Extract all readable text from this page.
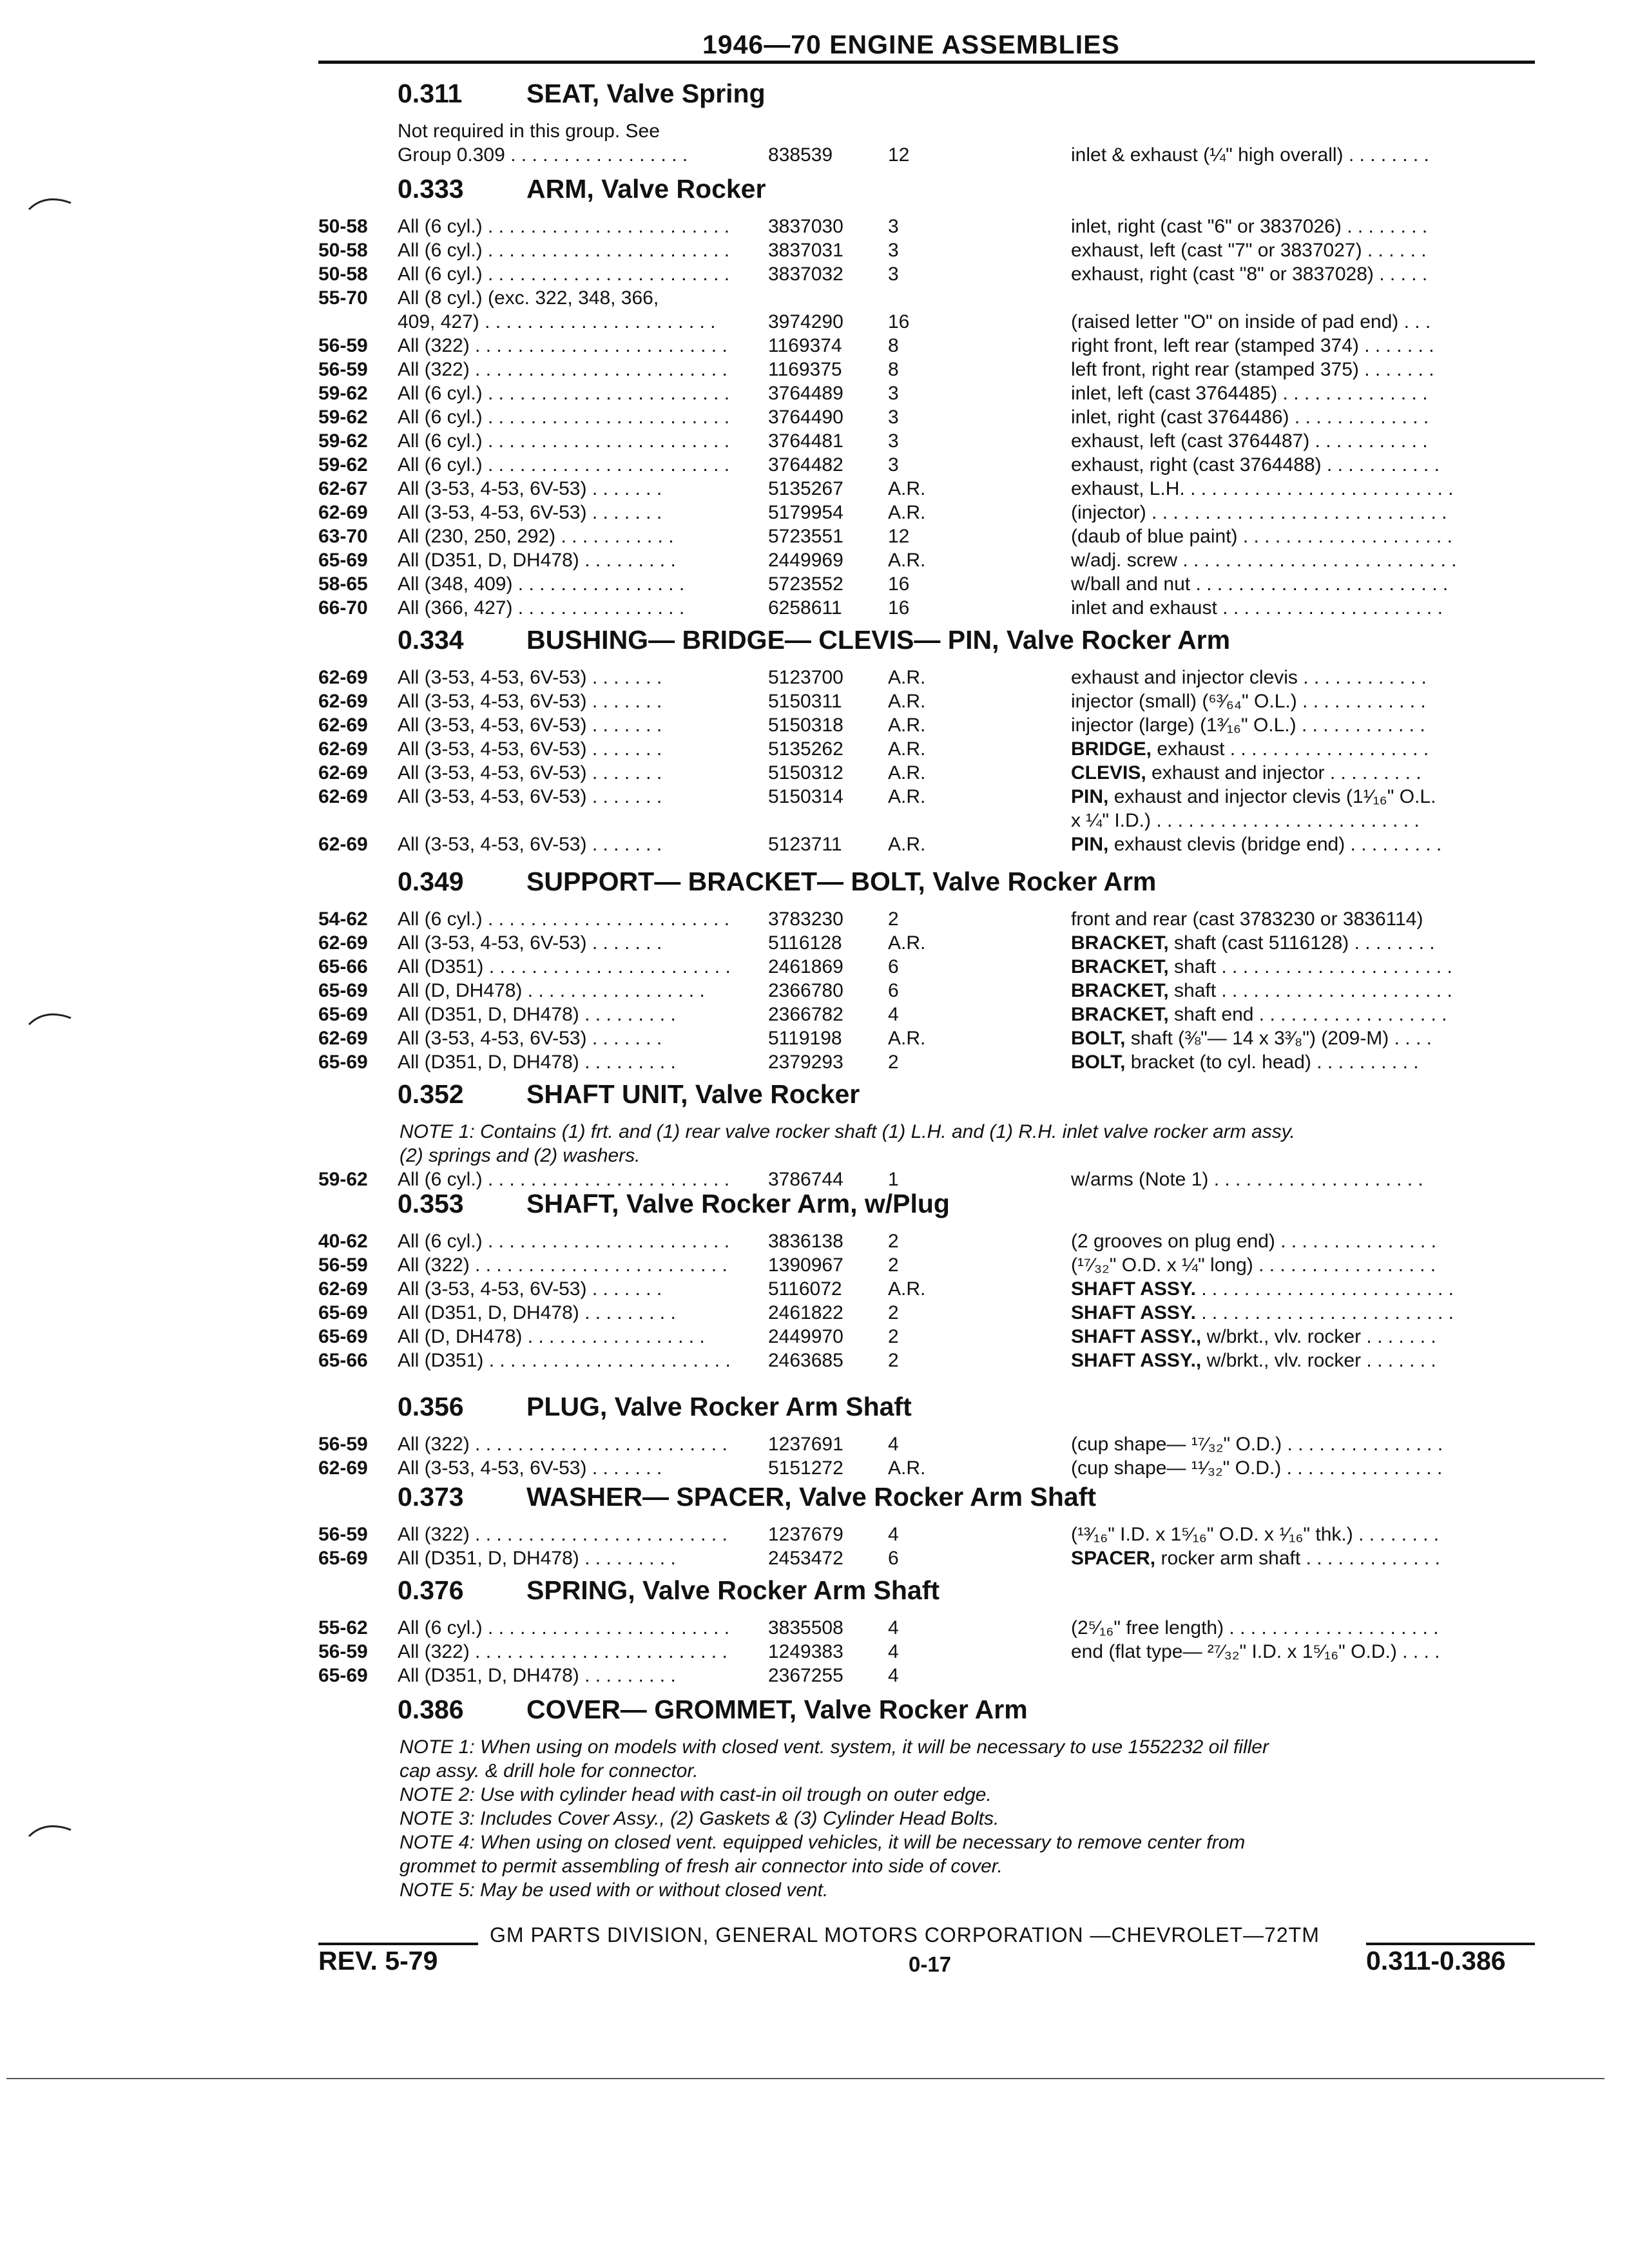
1946—70 ENGINE ASSEMBLIES
0.311 SEAT, Valve Spring
Not required in this group. See
Group 0.309 . . . . . . . . . . . . . . . . .	838539	12	inlet & exhaust (¼" high overall) . . . . . . . .
0.333 ARM, Valve Rocker
50-58 All (6 cyl.) . . . . . . . . . . . . . . . . . . . . . . .	3837030 3	inlet, right (cast "6" or 3837026) . . . . . . . .
50-58 All (6 cyl.) . . . . . . . . . . . . . . . . . . . . . . .	3837031 3	exhaust, left (cast "7" or 3837027) . . . . . .
50-58 All (6 cyl.) . . . . . . . . . . . . . . . . . . . . . . .	3837032 3	exhaust, right (cast "8" or 3837028) . . . . .
55-70 All (8 cyl.) (exc. 322, 348, 366,
409, 427) . . . . . . . . . . . . . . . . . . . . . .	3974290 16	(raised letter "O" on inside of pad end) . . .
56-59 All (322) . . . . . . . . . . . . . . . . . . . . . . . .	1169374 8	right front, left rear (stamped 374) . . . . . . .
56-59 All (322) . . . . . . . . . . . . . . . . . . . . . . . .	1169375 8	left front, right rear (stamped 375) . . . . . . .
59-62 All (6 cyl.) . . . . . . . . . . . . . . . . . . . . . . .	3764489 3	inlet, left (cast 3764485) . . . . . . . . . . . . . .
59-62 All (6 cyl.) . . . . . . . . . . . . . . . . . . . . . . .	3764490 3	inlet, right (cast 3764486) . . . . . . . . . . . . .
59-62 All (6 cyl.) . . . . . . . . . . . . . . . . . . . . . . .	3764481 3	exhaust, left (cast 3764487) . . . . . . . . . . .
59-62 All (6 cyl.) . . . . . . . . . . . . . . . . . . . . . . .	3764482 3	exhaust, right (cast 3764488) . . . . . . . . . . .
62-67 All (3-53, 4-53, 6V-53) . . . . . . .	5135267 A.R.	exhaust, L.H. . . . . . . . . . . . . . . . . . . . . . . . . .
62-69 All (3-53, 4-53, 6V-53) . . . . . . .	5179954 A.R.	(injector) . . . . . . . . . . . . . . . . . . . . . . . . . . . .
63-70 All (230, 250, 292) . . . . . . . . . . .	5723551 12	(daub of blue paint) . . . . . . . . . . . . . . . . . . . .
65-69 All (D351, D, DH478) . . . . . . . . .	2449969 A.R.	w/adj. screw . . . . . . . . . . . . . . . . . . . . . . . . . .
58-65 All (348, 409) . . . . . . . . . . . . . . . .	5723552 16	w/ball and nut . . . . . . . . . . . . . . . . . . . . . . . .
66-70 All (366, 427) . . . . . . . . . . . . . . . .	6258611 16	inlet and exhaust . . . . . . . . . . . . . . . . . . . . .
0.334 BUSHING— BRIDGE— CLEVIS— PIN, Valve Rocker Arm
62-69 All (3-53, 4-53, 6V-53) . . . . . . .	5123700 A.R.	exhaust and injector clevis . . . . . . . . . . . .
62-69 All (3-53, 4-53, 6V-53) . . . . . . .	5150311 A.R.	injector (small) (⁶³⁄₆₄" O.L.) . . . . . . . . . . . .
62-69 All (3-53, 4-53, 6V-53) . . . . . . .	5150318 A.R.	injector (large) (1³⁄₁₆" O.L.) . . . . . . . . . . . .
62-69 All (3-53, 4-53, 6V-53) . . . . . . .	5135262 A.R.	BRIDGE, exhaust . . . . . . . . . . . . . . . . . . .
62-69 All (3-53, 4-53, 6V-53) . . . . . . .	5150312 A.R.	CLEVIS, exhaust and injector . . . . . . . . .
62-69 All (3-53, 4-53, 6V-53) . . . . . . .	5150314 A.R.	PIN, exhaust and injector clevis (1¹⁄₁₆" O.L.
x ¼" I.D.) . . . . . . . . . . . . . . . . . . . . . . . . .
62-69 All (3-53, 4-53, 6V-53) . . . . . . .	5123711 A.R.	PIN, exhaust clevis (bridge end) . . . . . . . . .
0.349 SUPPORT— BRACKET— BOLT, Valve Rocker Arm
54-62 All (6 cyl.) . . . . . . . . . . . . . . . . . . . . . . .	3783230 2	front and rear (cast 3783230 or 3836114)
62-69 All (3-53, 4-53, 6V-53) . . . . . . .	5116128 A.R.	BRACKET, shaft (cast 5116128) . . . . . . . .
65-66 All (D351) . . . . . . . . . . . . . . . . . . . . . . .	2461869 6	BRACKET, shaft . . . . . . . . . . . . . . . . . . . . . .
65-69 All (D, DH478) . . . . . . . . . . . . . . . . .	2366780 6	BRACKET, shaft . . . . . . . . . . . . . . . . . . . . . .
65-69 All (D351, D, DH478) . . . . . . . . .	2366782 4	BRACKET, shaft end . . . . . . . . . . . . . . . . . .
62-69 All (3-53, 4-53, 6V-53) . . . . . . .	5119198 A.R.	BOLT, shaft (⅜"— 14 x 3³⁄₈") (209-M) . . . .
65-69 All (D351, D, DH478) . . . . . . . . .	2379293 2	BOLT, bracket (to cyl. head) . . . . . . . . . .
0.352 SHAFT UNIT, Valve Rocker
NOTE 1: Contains (1) frt. and (1) rear valve rocker shaft (1) L.H. and (1) R.H. inlet valve rocker arm assy.
(2) springs and (2) washers.
59-62 All (6 cyl.) . . . . . . . . . . . . . . . . . . . . . . .	3786744 1	w/arms (Note 1) . . . . . . . . . . . . . . . . . . . .
0.353 SHAFT, Valve Rocker Arm, w/Plug
40-62 All (6 cyl.) . . . . . . . . . . . . . . . . . . . . . . .	3836138 2	(2 grooves on plug end) . . . . . . . . . . . . . . .
56-59 All (322) . . . . . . . . . . . . . . . . . . . . . . . .	1390967 2	(¹⁷⁄₃₂" O.D. x ¼" long) . . . . . . . . . . . . . . . . .
62-69 All (3-53, 4-53, 6V-53) . . . . . . .	5116072 A.R.	SHAFT ASSY. . . . . . . . . . . . . . . . . . . . . . . . .
65-69 All (D351, D, DH478) . . . . . . . . .	2461822 2	SHAFT ASSY. . . . . . . . . . . . . . . . . . . . . . . . .
65-69 All (D, DH478) . . . . . . . . . . . . . . . . .	2449970 2	SHAFT ASSY., w/brkt., vlv. rocker . . . . . . .
65-66 All (D351) . . . . . . . . . . . . . . . . . . . . . . .	2463685 2	SHAFT ASSY., w/brkt., vlv. rocker . . . . . . .
0.356 PLUG, Valve Rocker Arm Shaft
56-59 All (322) . . . . . . . . . . . . . . . . . . . . . . . .	1237691 4	(cup shape— ¹⁷⁄₃₂" O.D.) . . . . . . . . . . . . . . .
62-69 All (3-53, 4-53, 6V-53) . . . . . . .	5151272 A.R.	(cup shape— ¹¹⁄₃₂" O.D.) . . . . . . . . . . . . . . .
0.373 WASHER— SPACER, Valve Rocker Arm Shaft
56-59 All (322) . . . . . . . . . . . . . . . . . . . . . . . .	1237679 4	(¹³⁄₁₆" I.D. x 1⁵⁄₁₆" O.D. x ¹⁄₁₆" thk.) . . . . . . . .
65-69 All (D351, D, DH478) . . . . . . . . .	2453472 6	SPACER, rocker arm shaft . . . . . . . . . . . . .
0.376 SPRING, Valve Rocker Arm Shaft
55-62 All (6 cyl.) . . . . . . . . . . . . . . . . . . . . . . .	3835508 4	(2⁵⁄₁₆" free length) . . . . . . . . . . . . . . . . . . . .
56-59 All (322) . . . . . . . . . . . . . . . . . . . . . . . .	1249383 4	end (flat type— ²⁷⁄₃₂" I.D. x 1⁵⁄₁₆" O.D.) . . . .
65-69 All (D351, D, DH478) . . . . . . . . .	2367255 4
0.386 COVER— GROMMET, Valve Rocker Arm
NOTE 1: When using on models with closed vent. system, it will be necessary to use 1552232 oil filler
cap assy. & drill hole for connector.
NOTE 2: Use with cylinder head with cast-in oil trough on outer edge.
NOTE 3: Includes Cover Assy., (2) Gaskets & (3) Cylinder Head Bolts.
NOTE 4: When using on closed vent. equipped vehicles, it will be necessary to remove center from
grommet to permit assembling of fresh air connector into side of cover.
NOTE 5: May be used with or without closed vent.
GM PARTS DIVISION, GENERAL MOTORS CORPORATION —CHEVROLET—72TM
REV. 5-79	0-17	0.311-0.386
